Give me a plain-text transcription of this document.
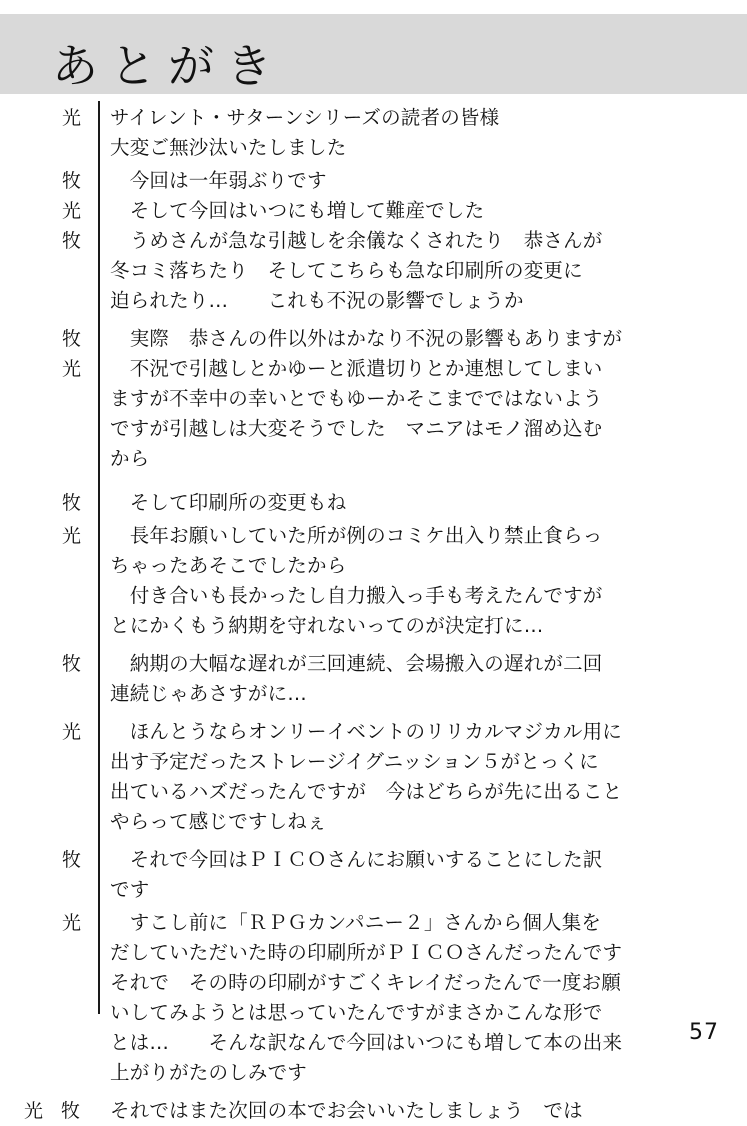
あとがき
光	サイレント・サターンシリーズの読者の皆様
大変ご無沙汰いたしました
牧	　今回は一年弱ぶりです
光	　そして今回はいつにも増して難産でした
牧	　うめさんが急な引越しを余儀なくされたり　恭さんが
冬コミ落ちたり　そしてこちらも急な印刷所の変更に
迫られたり…　　これも不況の影響でしょうか
牧	　実際　恭さんの件以外はかなり不況の影響もありますが
光	　不況で引越しとかゆーと派遣切りとか連想してしまい
ますが不幸中の幸いとでもゆーかそこまでではないよう
ですが引越しは大変そうでした　マニアはモノ溜め込む
から
牧	　そして印刷所の変更もね
光	　長年お願いしていた所が例のコミケ出入り禁止食らっ
ちゃったあそこでしたから
　付き合いも長かったし自力搬入っ手も考えたんですが
とにかくもう納期を守れないってのが決定打に…
牧	　納期の大幅な遅れが三回連続、会場搬入の遅れが二回
連続じゃあさすがに…
光	　ほんとうならオンリーイベントのリリカルマジカル用に
出す予定だったストレージイグニッション５がとっくに
出ているハズだったんですが　今はどちらが先に出ること
やらって感じですしねぇ
牧	　それで今回はＰＩＣＯさんにお願いすることにした訳
です
光	　すこし前に「ＲＰＧカンパニー２」さんから個人集を
だしていただいた時の印刷所がＰＩＣＯさんだったんです
それで　その時の印刷がすごくキレイだったんで一度お願
いしてみようとは思っていたんですがまさかこんな形で
とは…　　そんな訳なんで今回はいつにも増して本の出来
上がりがたのしみです
光 牧	それではまた次回の本でお会いいたしましょう　では
57
